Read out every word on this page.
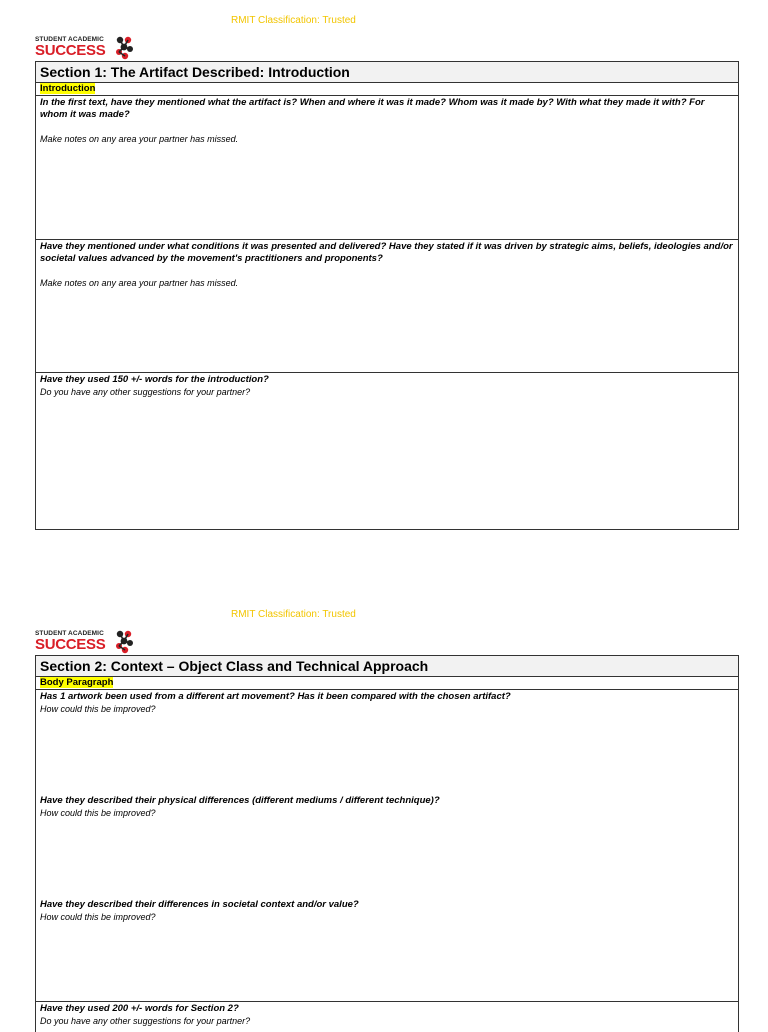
RMIT Classification: Trusted
STUDENT ACADEMIC
SUCCESS
Section 1: The Artifact Described: Introduction
Introduction
In the first text, have they mentioned what the artifact is? When and where it was it made? Whom was it made by? With what they made it with? For whom it was made?
Make notes on any area your partner has missed.
Have they mentioned under what conditions it was presented and delivered? Have they stated if it was driven by strategic aims, beliefs, ideologies and/or societal values advanced by the movement's practitioners and proponents?
Make notes on any area your partner has missed.
Have they used 150 +/- words for the introduction?
Do you have any other suggestions for your partner?
RMIT Classification: Trusted
STUDENT ACADEMIC
SUCCESS
Section 2: Context – Object Class and Technical Approach
Body Paragraph
Has 1 artwork been used from a different art movement? Has it been compared with the chosen artifact?
How could this be improved?
Have they described their physical differences (different mediums / different technique)?
How could this be improved?
Have they described their differences in societal context and/or value?
How could this be improved?
Have they used 200 +/- words for Section 2?
Do you have any other suggestions for your partner?
